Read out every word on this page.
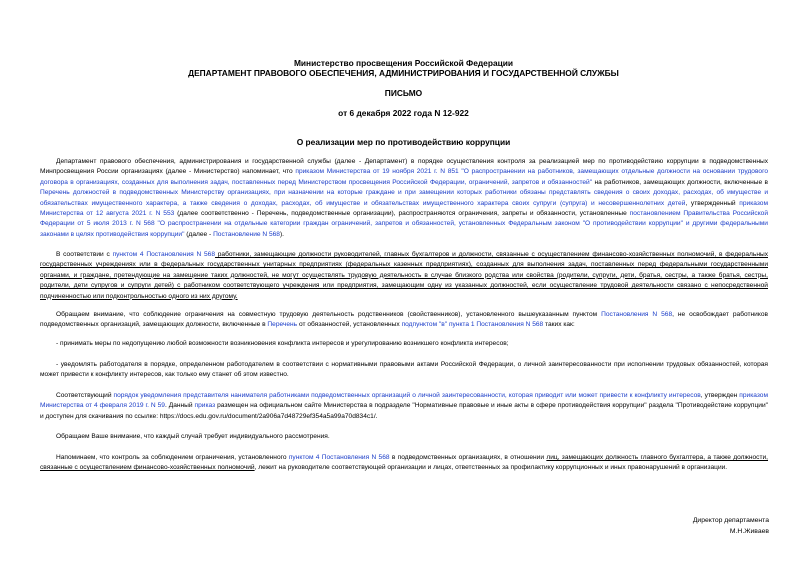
Министерство просвещения Российской Федерации
ДЕПАРТАМЕНТ ПРАВОВОГО ОБЕСПЕЧЕНИЯ, АДМИНИСТРИРОВАНИЯ И ГОСУДАРСТВЕННОЙ СЛУЖБЫ
ПИСЬМО
от 6 декабря 2022 года N 12-922
О реализации мер по противодействию коррупции
Департамент правового обеспечения, администрирования и государственной службы (далее - Департамент) в порядке осуществления контроля за реализацией мер по противодействию коррупции в подведомственных Минпросвещения России организациях (далее - Министерство) напоминает, что приказом Министерства от 19 ноября 2021 г. N 851 "О распространении на работников, замещающих отдельные должности на основании трудового договора в организациях, созданных для выполнения задач, поставленных перед Министерством просвещения Российской Федерации, ограничений, запретов и обязанностей" на работников, замещающих должности, включенные в Перечень должностей в подведомственных Министерству организациях, при назначении на которые граждане и при замещении которых работники обязаны представлять сведения о своих доходах, расходах, об имуществе и обязательствах имущественного характера, а также сведения о доходах, расходах, об имуществе и обязательствах имущественного характера своих супруги (супруга) и несовершеннолетних детей, утвержденный приказом Министерства от 12 августа 2021 г. N 553 (далее соответственно - Перечень, подведомственные организации), распространяются ограничения, запреты и обязанности, установленные постановлением Правительства Российской Федерации от 5 июля 2013 г. N 568 "О распространении на отдельные категории граждан ограничений, запретов и обязанностей, установленных Федеральным законом "О противодействии коррупции" и другими федеральными законами в целях противодействия коррупции" (далее - Постановление N 568).
В соответствии с пунктом 4 Постановления N 568 работники, замещающие должности руководителей, главных бухгалтеров и должности, связанные с осуществлением финансово-хозяйственных полномочий, в федеральных государственных учреждениях или в федеральных государственных унитарных предприятиях (федеральных казенных предприятиях), созданных для выполнения задач, поставленных перед федеральными государственными органами, и граждане, претендующие на замещение таких должностей, не могут осуществлять трудовую деятельность в случае близкого родства или свойства (родители, супруги, дети, братья, сестры, а также братья, сестры, родители, дети супругов и супруги детей) с работником соответствующего учреждения или предприятия, замещающим одну из указанных должностей, если осуществление трудовой деятельности связано с непосредственной подчиненностью или подконтрольностью одного из них другому.
Обращаем внимание, что соблюдение ограничения на совместную трудовую деятельность родственников (свойственников), установленного вышеуказанным пунктом Постановления N 568, не освобождает работников подведомственных организаций, замещающих должности, включенные в Перечень от обязанностей, установленных подпунктом "в" пункта 1 Постановления N 568 таких как:
- принимать меры по недопущению любой возможности возникновения конфликта интересов и урегулированию возникшего конфликта интересов;
- уведомлять работодателя в порядке, определенном работодателем в соответствии с нормативными правовыми актами Российской Федерации, о личной заинтересованности при исполнении трудовых обязанностей, которая может привести к конфликту интересов, как только ему станет об этом известно.
Соответствующий порядок уведомления представителя нанимателя работниками подведомственных организаций о личной заинтересованности, которая приводит или может привести к конфликту интересов, утвержден приказом Министерства от 4 февраля 2019 г. N 59. Данный приказ размещен на официальном сайте Министерства в подразделе "Нормативные правовые и иные акты в сфере противодействия коррупции" раздела "Противодействие коррупции" и доступен для скачивания по ссылке: https://docs.edu.gov.ru/document/2a906a7d48729ef354a5a99a70d834c1/.
Обращаем Ваше внимание, что каждый случай требует индивидуального рассмотрения.
Напоминаем, что контроль за соблюдением ограничения, установленного пунктом 4 Постановления N 568 в подведомственных организациях, в отношении лиц, замещающих должность главного бухгалтера, а также должности, связанные с осуществлением финансово-хозяйственных полномочий, лежит на руководителе соответствующей организации и лицах, ответственных за профилактику коррупционных и иных правонарушений в организации.
Директор департамента
М.Н.Живаев
